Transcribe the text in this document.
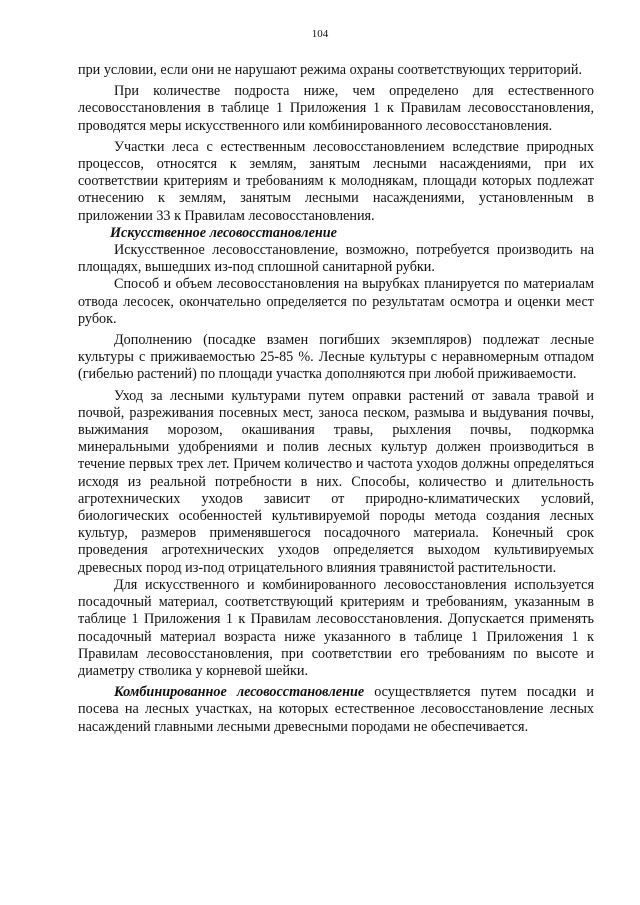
104

при условии, если они не нарушают режима охраны соответствующих территорий.

При количестве подроста ниже, чем определено для естественного лесовосстановления в таблице 1 Приложения 1 к Правилам лесовосстановления, проводятся меры искусственного или комбинированного лесовосстановления.

Участки леса с естественным лесовосстановлением вследствие природных процессов, относятся к землям, занятым лесными насаждениями, при их соответствии критериям и требованиям к молоднякам, площади которых подлежат отнесению к землям, занятым лесными насаждениями, установленным в приложении 33 к Правилам лесовосстановления.

Искусственное лесовосстановление

Искусственное лесовосстановление, возможно, потребуется производить на площадях, вышедших из-под сплошной санитарной рубки.

Способ и объем лесовосстановления на вырубках планируется по материалам отвода лесосек, окончательно определяется по результатам осмотра и оценки мест рубок.

Дополнению (посадке взамен погибших экземпляров) подлежат лесные культуры с приживаемостью 25-85 %. Лесные культуры с неравномерным отпадом (гибелью растений) по площади участка дополняются при любой приживаемости.

Уход за лесными культурами путем оправки растений от завала травой и почвой, разреживания посевных мест, заноса песком, размыва и выдувания почвы, выжимания морозом, окашивания травы, рыхления почвы, подкормка минеральными удобрениями и полив лесных культур должен производиться в течение первых трех лет. Причем количество и частота уходов должны определяться исходя из реальной потребности в них. Способы, количество и длительность агротехнических уходов зависит от природно-климатических условий, биологических особенностей культивируемой породы метода создания лесных культур, размеров применявшегося посадочного материала. Конечный срок проведения агротехнических уходов определяется выходом культивируемых древесных пород из-под отрицательного влияния травянистой растительности.

Для искусственного и комбинированного лесовосстановления используется посадочный материал, соответствующий критериям и требованиям, указанным в таблице 1 Приложения 1 к Правилам лесовосстановления. Допускается применять посадочный материал возраста ниже указанного в таблице 1 Приложения 1 к Правилам лесовосстановления, при соответствии его требованиям по высоте и диаметру стволика у корневой шейки.

Комбинированное лесовосстановление осуществляется путем посадки и посева на лесных участках, на которых естественное лесовосстановление лесных насаждений главными лесными древесными породами не обеспечивается.
